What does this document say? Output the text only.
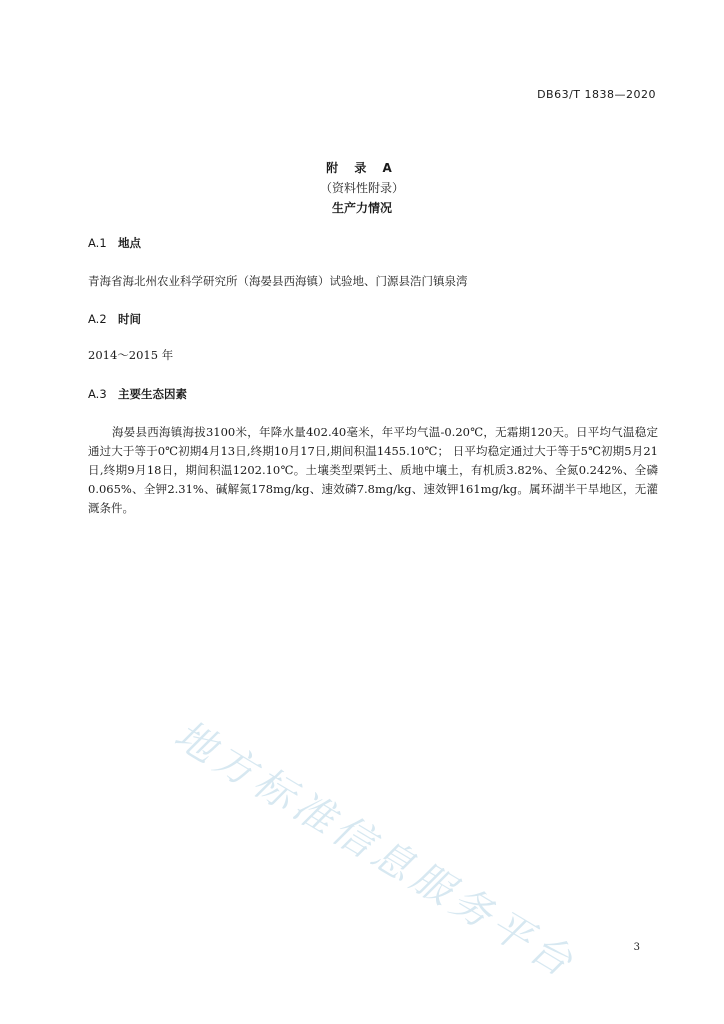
DB63/T 1838—2020
附 录 A
（资料性附录）
生产力情况
A.1 地点
青海省海北州农业科学研究所（海晏县西海镇）试验地、门源县浩门镇泉湾
A.2 时间
2014～2015 年
A.3 主要生态因素
海晏县西海镇海拔3100米，年降水量402.40毫米，年平均气温-0.20℃，无霜期120天。日平均气温稳定通过大于等于0℃初期4月13日,终期10月17日,期间积温1455.10℃； 日平均稳定通过大于等于5℃初期5月21日,终期9月18日，期间积温1202.10℃。土壤类型栗钙土、质地中壤土，有机质3.82%、全氮0.242%、全磷0.065%、全钾2.31%、碱解氮178mg/kg、速效磷7.8mg/kg、速效钾161mg/kg。属环湖半干旱地区，无灌溉条件。
地方标准信息服务平台	3
